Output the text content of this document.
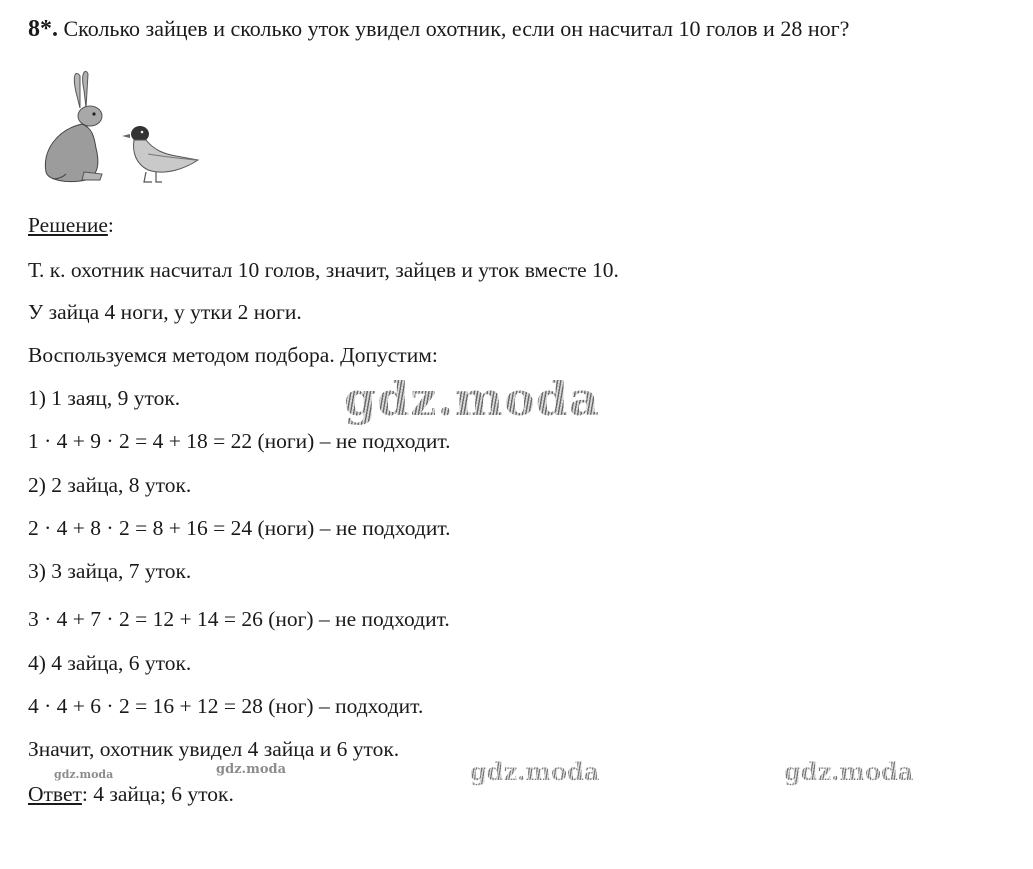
8*. Сколько зайцев и сколько уток увидел охотник, если он насчитал 10 голов и 28 ног?
Решение:
Т. к. охотник насчитал 10 голов, значит, зайцев и уток вместе 10.
У зайца 4 ноги, у утки 2 ноги.
Воспользуемся методом подбора. Допустим:
1) 1 заяц, 9 уток.
1 · 4 + 9 · 2 = 4 + 18 = 22 (ноги) – не подходит.
2) 2 зайца, 8 уток.
2 · 4 + 8 · 2 = 8 + 16 = 24 (ноги) – не подходит.
3) 3 зайца, 7 уток.
3 · 4 + 7 · 2 = 12 + 14 = 26 (ног) – не подходит.
4) 4 зайца, 6 уток.
4 · 4 + 6 · 2 = 16 + 12 = 28 (ног) – подходит.
Значит, охотник увидел 4 зайца и 6 уток.
Ответ: 4 зайца; 6 уток.
gdz.moda
gdz.moda	gdz.moda
gdz.moda
gdz.moda
